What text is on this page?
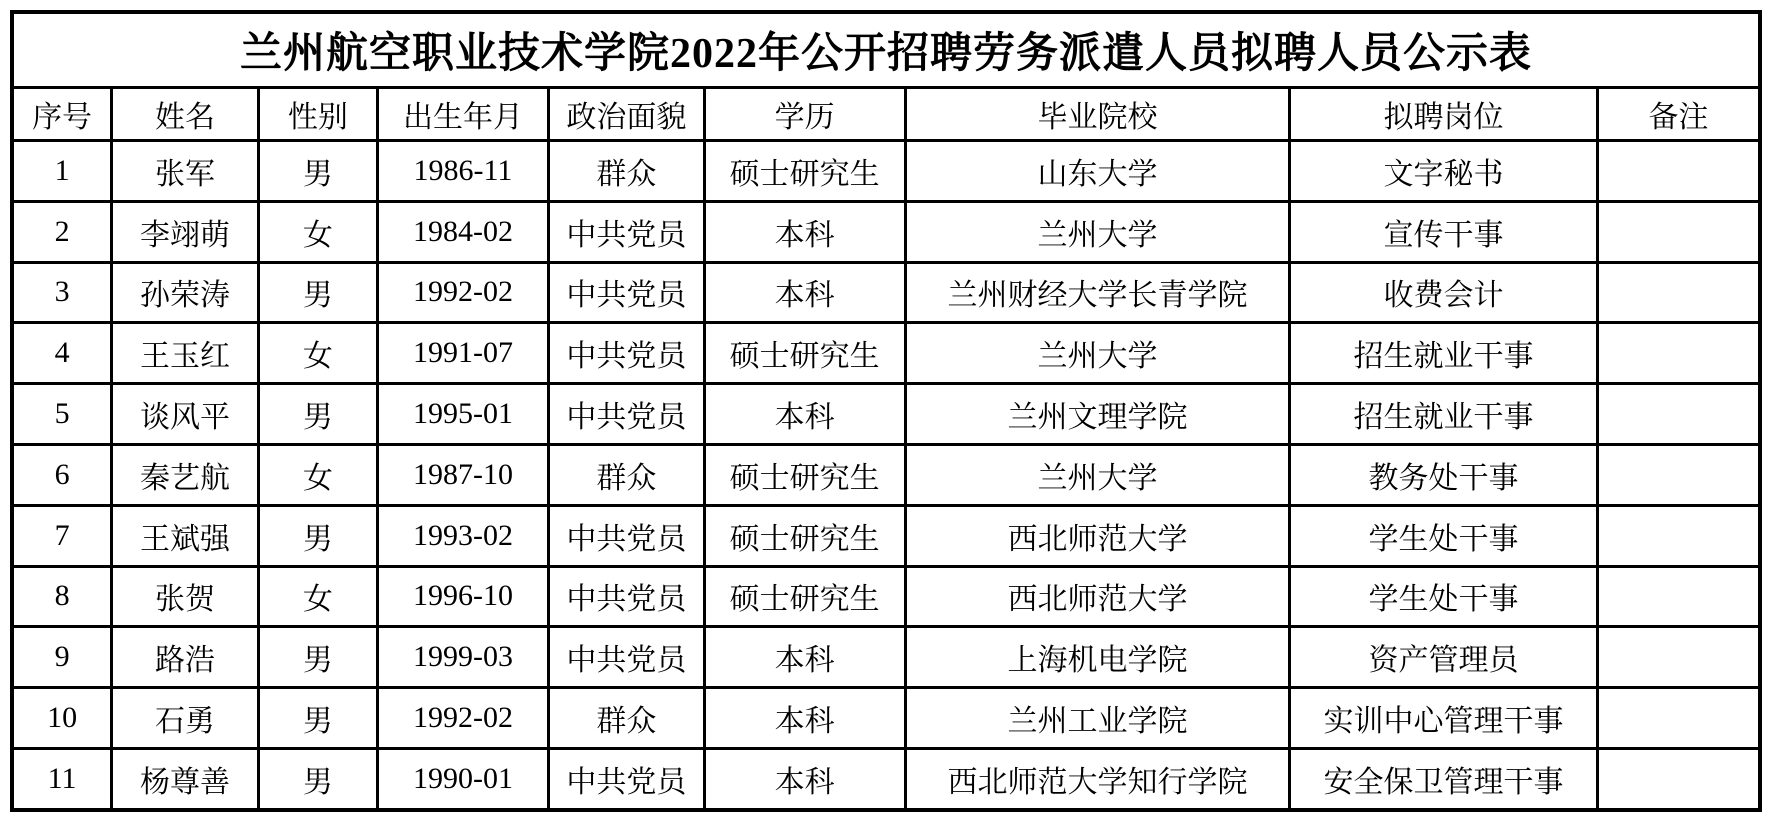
兰州航空职业技术学院2022年公开招聘劳务派遣人员拟聘人员公示表								
序号	姓名	性别	出生年月	政治面貌	学历	毕业院校	拟聘岗位	备注
1	张军	男	1986-11	群众	硕士研究生	山东大学	文字秘书	
2	李翊萌	女	1984-02	中共党员	本科	兰州大学	宣传干事	
3	孙荣涛	男	1992-02	中共党员	本科	兰州财经大学长青学院	收费会计	
4	王玉红	女	1991-07	中共党员	硕士研究生	兰州大学	招生就业干事	
5	谈风平	男	1995-01	中共党员	本科	兰州文理学院	招生就业干事	
6	秦艺航	女	1987-10	群众	硕士研究生	兰州大学	教务处干事	
7	王斌强	男	1993-02	中共党员	硕士研究生	西北师范大学	学生处干事	
8	张贺	女	1996-10	中共党员	硕士研究生	西北师范大学	学生处干事	
9	路浩	男	1999-03	中共党员	本科	上海机电学院	资产管理员	
10	石勇	男	1992-02	群众	本科	兰州工业学院	实训中心管理干事	
11	杨尊善	男	1990-01	中共党员	本科	西北师范大学知行学院	安全保卫管理干事	
